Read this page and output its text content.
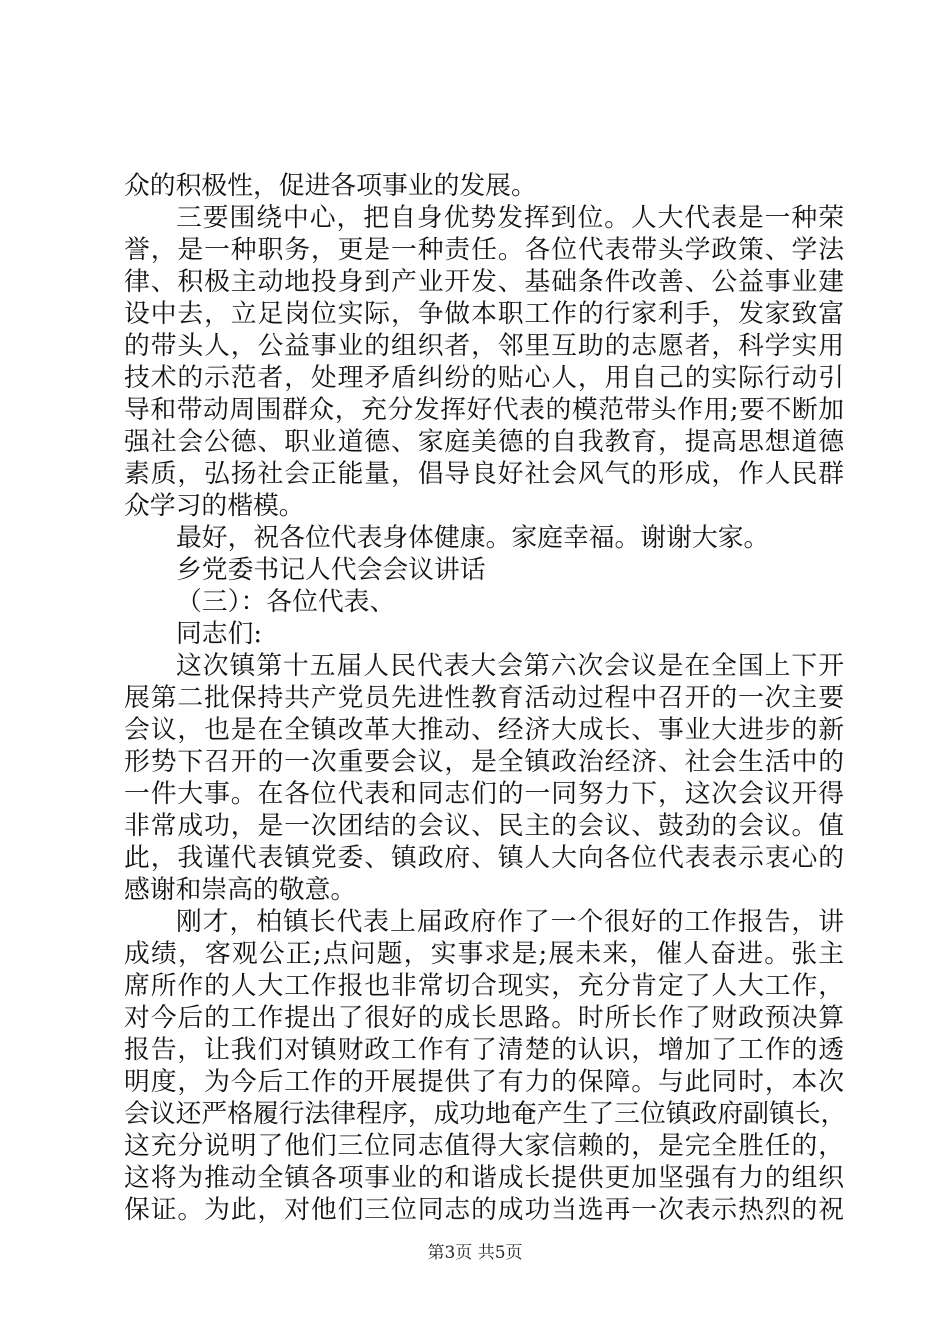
众的积极性，促进各项事业的发展。
三要围绕中心，把自身优势发挥到位。人大代表是一种荣
誉，是一种职务，更是一种责任。各位代表带头学政策、学法
律、积极主动地投身到产业开发、基础条件改善、公益事业建
设中去，立足岗位实际，争做本职工作的行家利手，发家致富
的带头人，公益事业的组织者，邻里互助的志愿者，科学实用
技术的示范者，处理矛盾纠纷的贴心人，用自己的实际行动引
导和带动周围群众，充分发挥好代表的模范带头作用;要不断加
强社会公德、职业道德、家庭美德的自我教育，提高思想道德
素质，弘扬社会正能量，倡导良好社会风气的形成，作人民群
众学习的楷模。
最好，祝各位代表身体健康。家庭幸福。谢谢大家。
乡党委书记人代会会议讲话
（三）：各位代表、
同志们:
这次镇第十五届人民代表大会第六次会议是在全国上下开
展第二批保持共产党员先进性教育活动过程中召开的一次主要
会议，也是在全镇改革大推动、经济大成长、事业大进步的新
形势下召开的一次重要会议，是全镇政治经济、社会生活中的
一件大事。在各位代表和同志们的一同努力下，这次会议开得
非常成功，是一次团结的会议、民主的会议、鼓劲的会议。值
此，我谨代表镇党委、镇政府、镇人大向各位代表表示衷心的
感谢和崇高的敬意。
刚才，柏镇长代表上届政府作了一个很好的工作报告，讲
成绩，客观公正;点问题，实事求是;展未来，催人奋进。张主
席所作的人大工作报也非常切合现实，充分肯定了人大工作，
对今后的工作提出了很好的成长思路。时所长作了财政预决算
报告，让我们对镇财政工作有了清楚的认识，增加了工作的透
明度，为今后工作的开展提供了有力的保障。与此同时，本次
会议还严格履行法律程序，成功地奄产生了三位镇政府副镇长，
这充分说明了他们三位同志值得大家信赖的，是完全胜任的，
这将为推动全镇各项事业的和谐成长提供更加坚强有力的组织
保证。为此，对他们三位同志的成功当选再一次表示热烈的祝
第3页 共5页
